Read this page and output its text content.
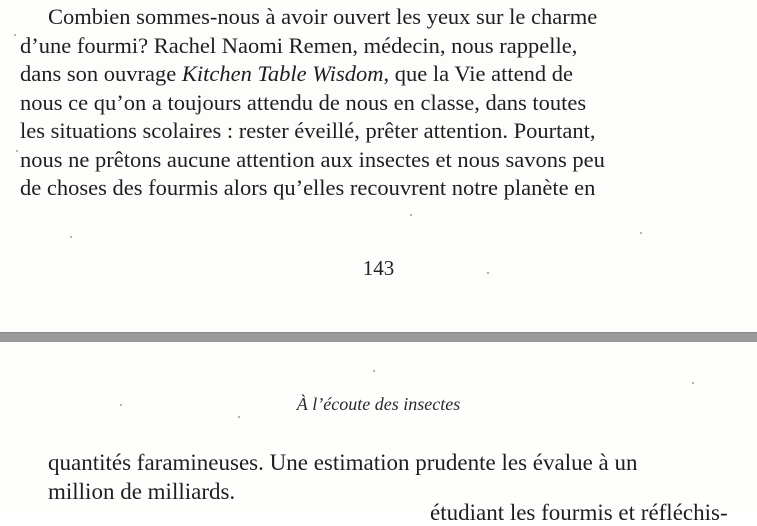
Combien sommes-nous à avoir ouvert les yeux sur le charme
d’une fourmi? Rachel Naomi Remen, médecin, nous rappelle,
dans son ouvrage Kitchen Table Wisdom, que la Vie attend de
nous ce qu’on a toujours attendu de nous en classe, dans toutes
les situations scolaires : rester éveillé, prêter attention. Pourtant,
nous ne prêtons aucune attention aux insectes et nous savons peu
de choses des fourmis alors qu’elles recouvrent notre planète en

143
À l’écoute des insectes

quantités faramineuses. Une estimation prudente les évalue à un
million de milliards.

étudiant les fourmis et réfléchis-
